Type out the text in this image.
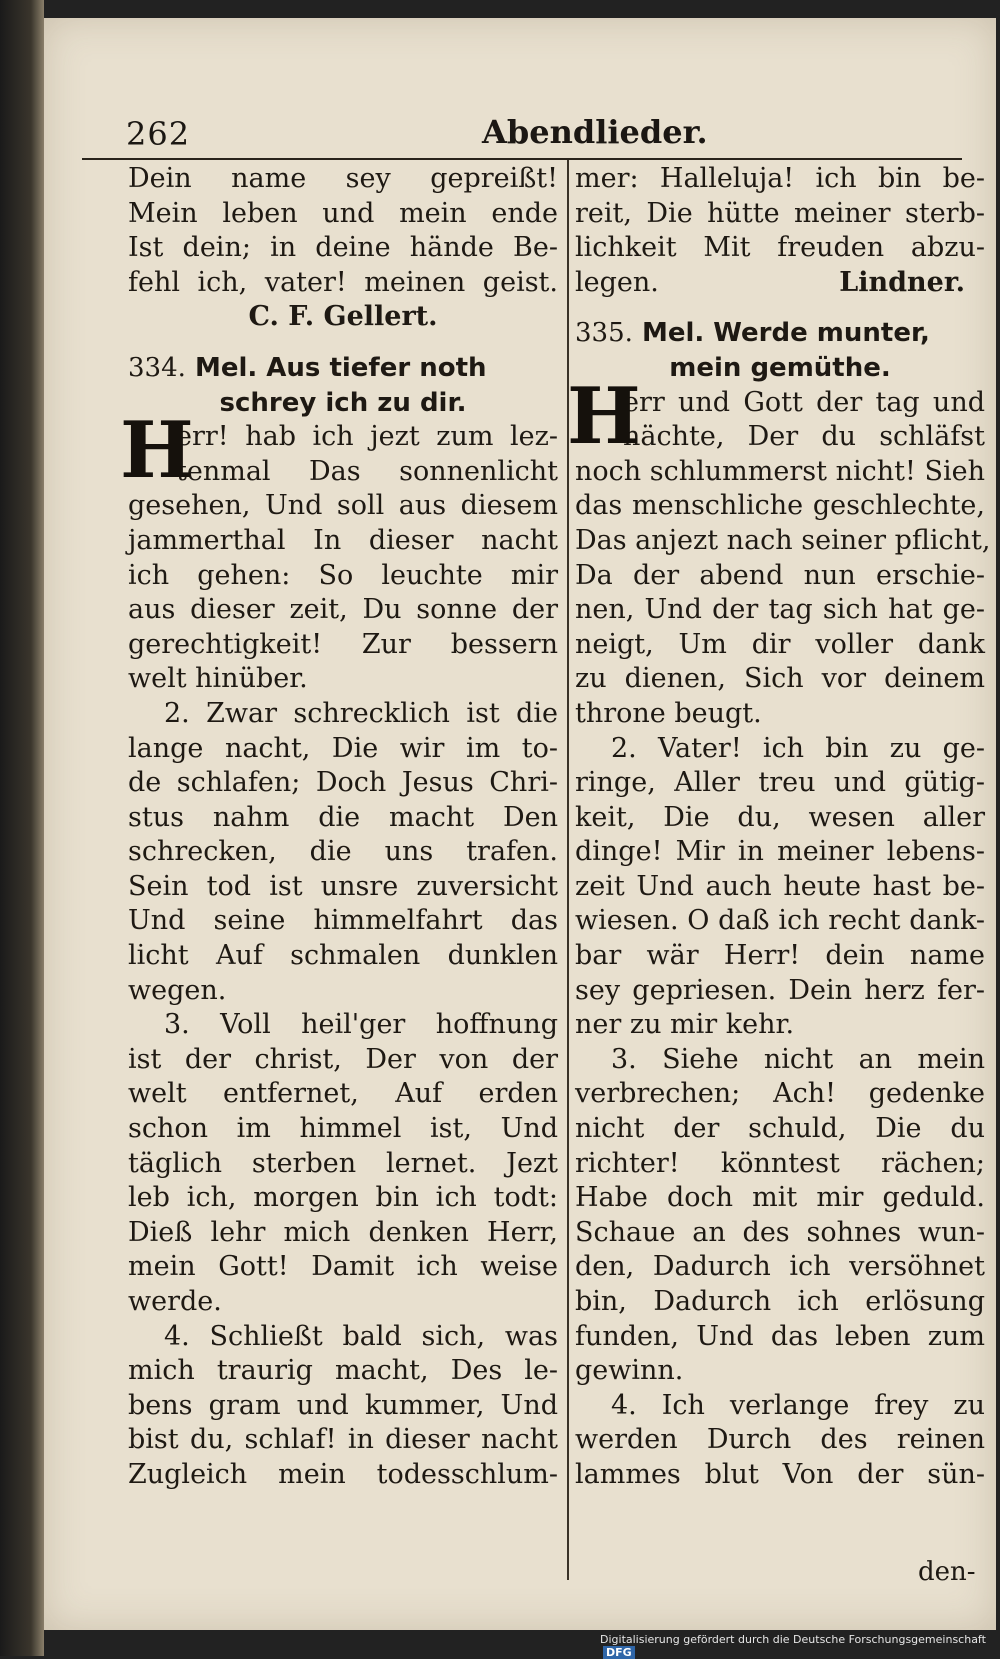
262	Abendlieder.
Dein name sey gepreißt!
Mein leben und mein ende
Ist dein; in deine hände Be-
fehl ich, vater! meinen geist.
C. F. Gellert.
334. Mel. Aus tiefer noth
schrey ich zu dir.
H
err! hab ich jezt zum lez-
tenmal Das sonnenlicht
gesehen, Und soll aus diesem
jammerthal In dieser nacht
ich gehen: So leuchte mir
aus dieser zeit, Du sonne der
gerechtigkeit! Zur bessern
welt hinüber.
2. Zwar schrecklich ist die
lange nacht, Die wir im to-
de schlafen; Doch Jesus Chri-
stus nahm die macht Den
schrecken, die uns trafen.
Sein tod ist unsre zuversicht
Und seine himmelfahrt das
licht Auf schmalen dunklen
wegen.
3. Voll heil'ger hoffnung
ist der christ, Der von der
welt entfernet, Auf erden
schon im himmel ist, Und
täglich sterben lernet. Jezt
leb ich, morgen bin ich todt:
Dieß lehr mich denken Herr,
mein Gott! Damit ich weise
werde.
4. Schließt bald sich, was
mich traurig macht, Des le-
bens gram und kummer, Und
bist du, schlaf! in dieser nacht
Zugleich mein todesschlum-
mer: Halleluja! ich bin be-
reit, Die hütte meiner sterb-
lichkeit Mit freuden abzu-
legen.	Lindner.
335. Mel. Werde munter,
mein gemüthe.
H
err und Gott der tag und
nächte, Der du schläfst
noch schlummerst nicht! Sieh
das menschliche geschlechte,
Das anjezt nach seiner pflicht,
Da der abend nun erschie-
nen, Und der tag sich hat ge-
neigt, Um dir voller dank
zu dienen, Sich vor deinem
throne beugt.
2. Vater! ich bin zu ge-
ringe, Aller treu und gütig-
keit, Die du, wesen aller
dinge! Mir in meiner lebens-
zeit Und auch heute hast be-
wiesen. O daß ich recht dank-
bar wär Herr! dein name
sey gepriesen. Dein herz fer-
ner zu mir kehr.
3. Siehe nicht an mein
verbrechen; Ach! gedenke
nicht der schuld, Die du
richter! könntest rächen;
Habe doch mit mir geduld.
Schaue an des sohnes wun-
den, Dadurch ich versöhnet
bin, Dadurch ich erlösung
funden, Und das leben zum
gewinn.
4. Ich verlange frey zu
werden Durch des reinen
lammes blut Von der sün-
den-
Digitalisierung gefördert durch die Deutsche Forschungsgemeinschaft DFG
